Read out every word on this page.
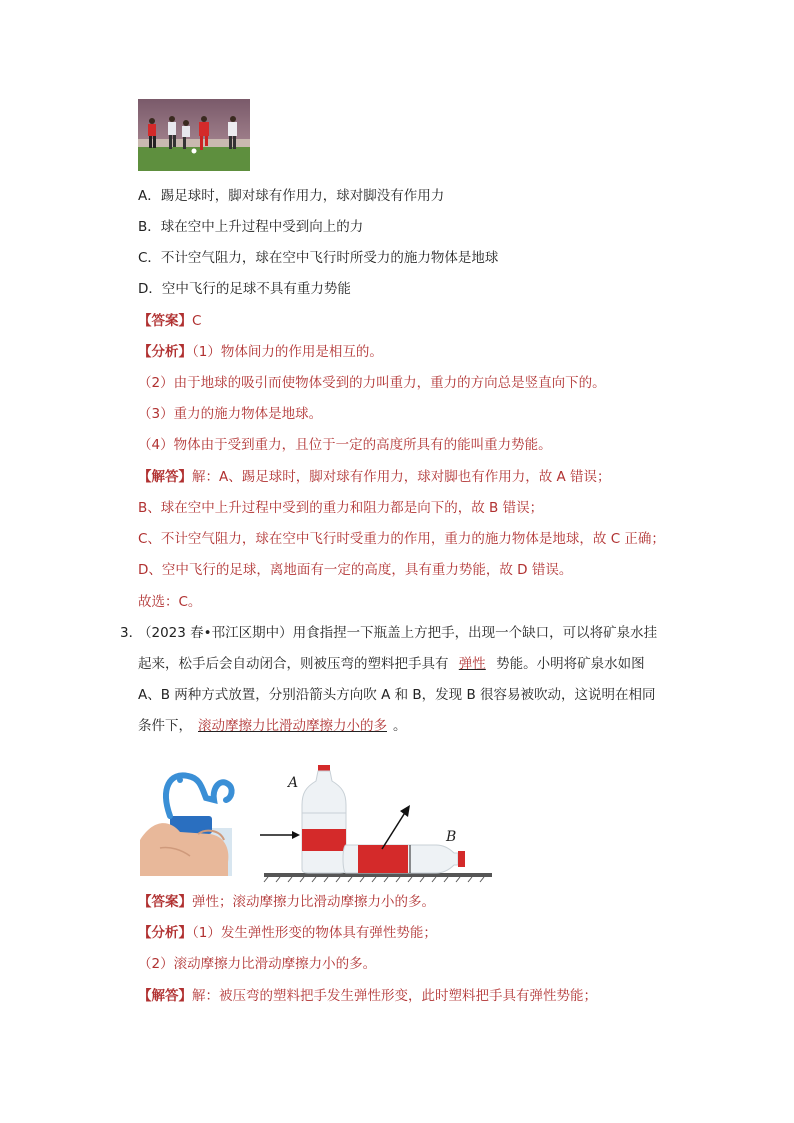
A．踢足球时，脚对球有作用力，球对脚没有作用力
B．球在空中上升过程中受到向上的力
C．不计空气阻力，球在空中飞行时所受力的施力物体是地球
D．空中飞行的足球不具有重力势能
【答案】C
【分析】（1）物体间力的作用是相互的。
（2）由于地球的吸引而使物体受到的力叫重力，重力的方向总是竖直向下的。
（3）重力的施力物体是地球。
（4）物体由于受到重力，且位于一定的高度所具有的能叫重力势能。
【解答】解：A、踢足球时，脚对球有作用力，球对脚也有作用力，故 A 错误；
B、球在空中上升过程中受到的重力和阻力都是向下的，故 B 错误；
C、不计空气阻力，球在空中飞行时受重力的作用，重力的施力物体是地球，故 C 正确；
D、空中飞行的足球，离地面有一定的高度，具有重力势能，故 D 错误。
故选：C。
3．
（2023 春•邗江区期中）用食指捏一下瓶盖上方把手，出现一个缺口，可以将矿泉水挂
起来，松手后会自动闭合，则被压弯的塑料把手具有 弹性 势能。小明将矿泉水如图
A、B 两种方式放置，分别沿箭头方向吹 A 和 B，发现 B 很容易被吹动，这说明在相同
条件下， 滚动摩擦力比滑动摩擦力小的多 。
A
B
【答案】弹性；滚动摩擦力比滑动摩擦力小的多。
【分析】（1）发生弹性形变的物体具有弹性势能；
（2）滚动摩擦力比滑动摩擦力小的多。
【解答】解：被压弯的塑料把手发生弹性形变，此时塑料把手具有弹性势能；
